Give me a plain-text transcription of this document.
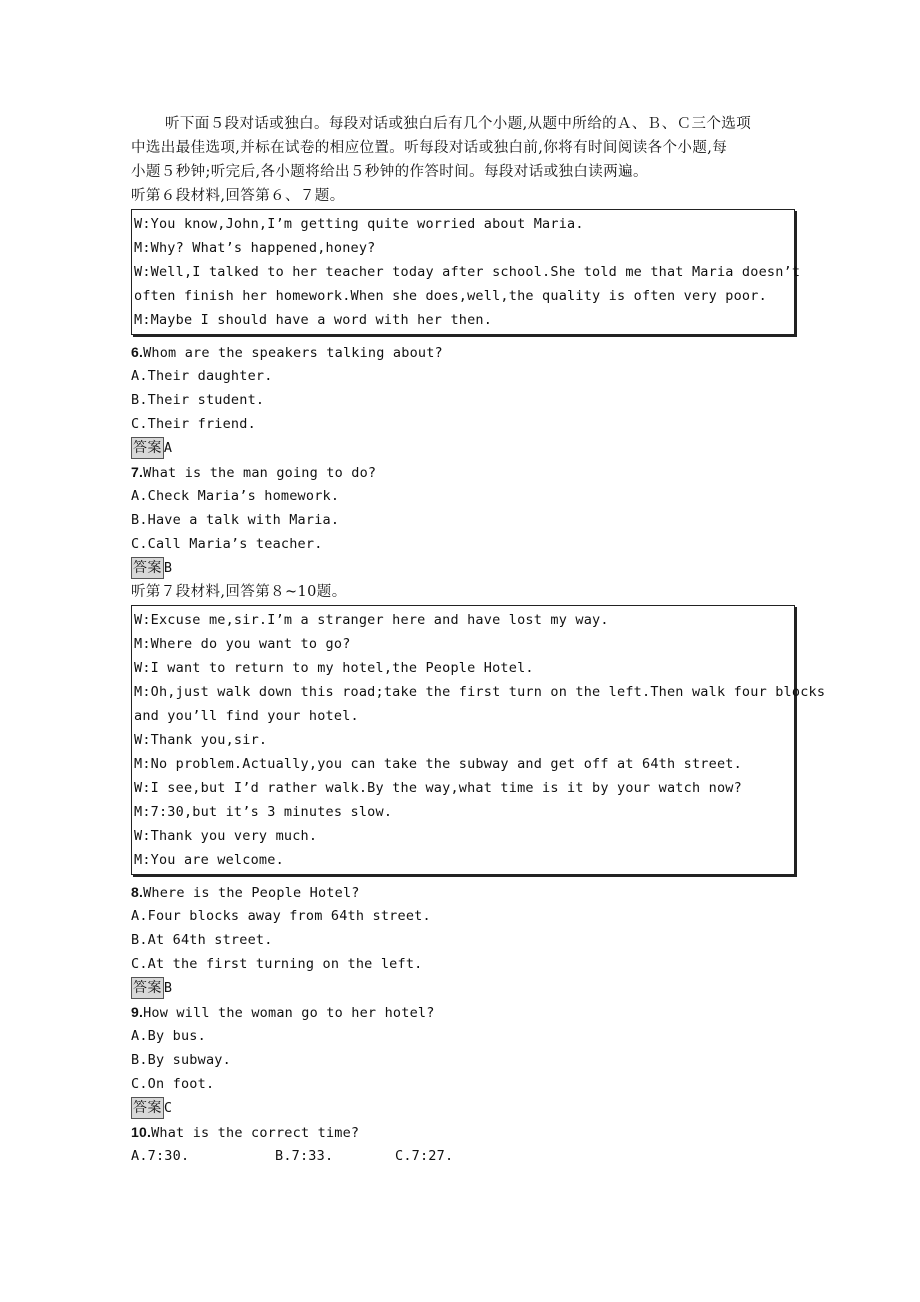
听下面５段对话或独白。每段对话或独白后有几个小题,从题中所给的Ａ、Ｂ、Ｃ三个选项
中选出最佳选项,并标在试卷的相应位置。听每段对话或独白前,你将有时间阅读各个小题,每
小题５秒钟;听完后,各小题将给出５秒钟的作答时间。每段对话或独白读两遍。
听第６段材料,回答第６、７题。
W:You know,John,I’m getting quite worried about Maria.
M:Why? What’s happened,honey?
W:Well,I talked to her teacher today after school.She told me that Maria doesn’t
often finish her homework.When she does,well,the quality is often very poor.
M:Maybe I should have a word with her then.
6.Whom are the speakers talking about?
A.Their daughter.
B.Their student.
C.Their friend.
答案 A
7.What is the man going to do?
A.Check Maria’s homework.
B.Have a talk with Maria.
C.Call Maria’s teacher.
答案 B
听第７段材料,回答第８~10题。
W:Excuse me,sir.I’m a stranger here and have lost my way.
M:Where do you want to go?
W:I want to return to my hotel,the People Hotel.
M:Oh,just walk down this road;take the first turn on the left.Then walk four blocks
and you’ll find your hotel.
W:Thank you,sir.
M:No problem.Actually,you can take the subway and get off at 64th street.
W:I see,but I’d rather walk.By the way,what time is it by your watch now?
M:7:30,but it’s 3 minutes slow.
W:Thank you very much.
M:You are welcome.
8.Where is the People Hotel?
A.Four blocks away from 64th street.
B.At 64th street.
C.At the first turning on the left.
答案 B
9.How will the woman go to her hotel?
A.By bus.
B.By subway.
C.On foot.
答案 C
10.What is the correct time?
A.7:30.	B.7:33.	C.7:27.
